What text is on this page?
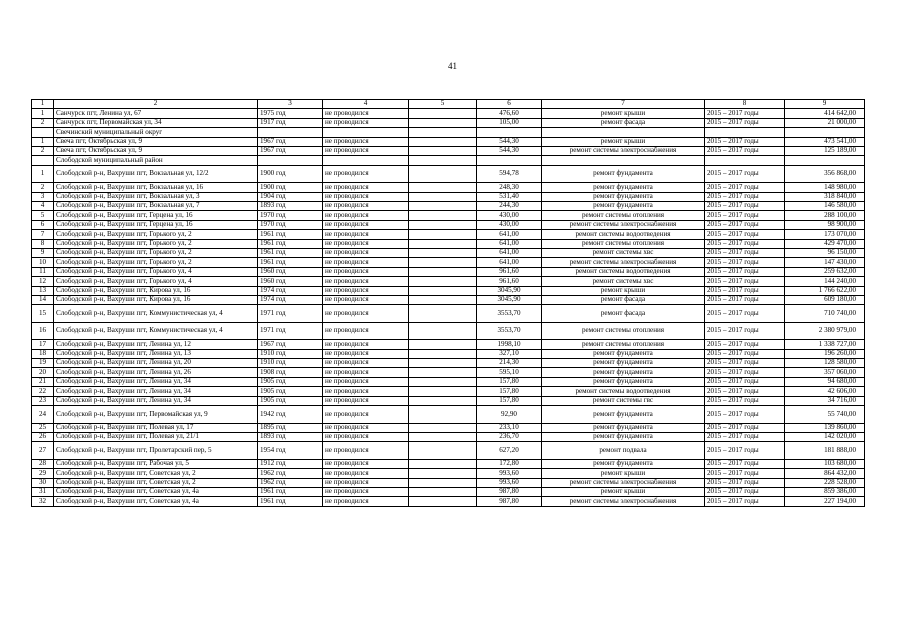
41
1	2	3	4	5	6	7	8	9
1	Санчурск пгт, Ленина ул, 67	1975 год	не проводился		476,60	ремонт крыши	2015 – 2017 годы	414 642,00
2	Санчурск пгт, Первомайская ул, 34	1917 год	не проводился		105,00	ремонт фасада	2015 – 2017 годы	21 000,00
	Свечинский муниципальный округ							
1	Свеча пгт, Октябрьская ул, 9	1967 год	не проводился		544,30	ремонт крыши	2015 – 2017 годы	473 541,00
2	Свеча пгт, Октябрьская ул, 9	1967 год	не проводился		544,30	ремонт системы электроснабжения	2015 – 2017 годы	125 189,00
	Слободской муниципальный район							
1	Слободской р-н, Вахруши пгт, Вокзальная ул, 12/2	1900 год	не проводился		594,78	ремонт фундамента	2015 – 2017 годы	356 868,00
2	Слободской р-н, Вахруши пгт, Вокзальная ул, 16	1900 год	не проводился		248,30	ремонт фундамента	2015 – 2017 годы	148 980,00
3	Слободской р-н, Вахруши пгт, Вокзальная ул, 3	1904 год	не проводился		531,40	ремонт фундамента	2015 – 2017 годы	318 840,00
4	Слободской р-н, Вахруши пгт, Вокзальная ул, 7	1893 год	не проводился		244,30	ремонт фундамента	2015 – 2017 годы	146 580,00
5	Слободской р-н, Вахруши пгт, Герцена ул, 16	1970 год	не проводился		430,00	ремонт системы отопления	2015 – 2017 годы	288 100,00
6	Слободской р-н, Вахруши пгт, Герцена ул, 16	1970 год	не проводился		430,00	ремонт системы электроснабжения	2015 – 2017 годы	98 900,00
7	Слободской р-н, Вахруши пгт, Горького ул, 2	1961 год	не проводился		641,00	ремонт системы водоотведения	2015 – 2017 годы	173 070,00
8	Слободской р-н, Вахруши пгт, Горького ул, 2	1961 год	не проводился		641,00	ремонт системы отопления	2015 – 2017 годы	429 470,00
9	Слободской р-н, Вахруши пгт, Горького ул, 2	1961 год	не проводился		641,00	ремонт системы хвс	2015 – 2017 годы	96 150,00
10	Слободской р-н, Вахруши пгт, Горького ул, 2	1961 год	не проводился		641,00	ремонт системы электроснабжения	2015 – 2017 годы	147 430,00
11	Слободской р-н, Вахруши пгт, Горького ул, 4	1960 год	не проводился		961,60	ремонт системы водоотведения	2015 – 2017 годы	259 632,00
12	Слободской р-н, Вахруши пгт, Горького ул, 4	1960 год	не проводился		961,60	ремонт системы хвс	2015 – 2017 годы	144 240,00
13	Слободской р-н, Вахруши пгт, Кирова ул, 16	1974 год	не проводился		3045,90	ремонт крыши	2015 – 2017 годы	1 766 622,00
14	Слободской р-н, Вахруши пгт, Кирова ул, 16	1974 год	не проводился		3045,90	ремонт фасада	2015 – 2017 годы	609 180,00
15	Слободской р-н, Вахруши пгт, Коммунистическая ул, 4	1971 год	не проводился		3553,70	ремонт фасада	2015 – 2017 годы	710 740,00
16	Слободской р-н, Вахруши пгт, Коммунистическая ул, 4	1971 год	не проводился		3553,70	ремонт системы отопления	2015 – 2017 годы	2 380 979,00
17	Слободской р-н, Вахруши пгт, Ленина ул, 12	1967 год	не проводился		1998,10	ремонт системы отопления	2015 – 2017 годы	1 338 727,00
18	Слободской р-н, Вахруши пгт, Ленина ул, 13	1910 год	не проводился		327,10	ремонт фундамента	2015 – 2017 годы	196 260,00
19	Слободской р-н, Вахруши пгт, Ленина ул, 20	1910 год	не проводился		214,30	ремонт фундамента	2015 – 2017 годы	128 580,00
20	Слободской р-н, Вахруши пгт, Ленина ул, 26	1908 год	не проводился		595,10	ремонт фундамента	2015 – 2017 годы	357 060,00
21	Слободской р-н, Вахруши пгт, Ленина ул, 34	1905 год	не проводился		157,80	ремонт фундамента	2015 – 2017 годы	94 680,00
22	Слободской р-н, Вахруши пгт, Ленина ул, 34	1905 год	не проводился		157,80	ремонт системы водоотведения	2015 – 2017 годы	42 606,00
23	Слободской р-н, Вахруши пгт, Ленина ул, 34	1905 год	не проводился		157,80	ремонт системы гвс	2015 – 2017 годы	34 716,00
24	Слободской р-н, Вахруши пгт, Первомайская ул, 9	1942 год	не проводился		92,90	ремонт фундамента	2015 – 2017 годы	55 740,00
25	Слободской р-н, Вахруши пгт, Полевая ул, 17	1895 год	не проводился		233,10	ремонт фундамента	2015 – 2017 годы	139 860,00
26	Слободской р-н, Вахруши пгт, Полевая ул, 21/1	1893 год	не проводился		236,70	ремонт фундамента	2015 – 2017 годы	142 020,00
27	Слободской р-н, Вахруши пгт, Пролетарский пер, 5	1954 год	не проводился		627,20	ремонт подвала	2015 – 2017 годы	181 888,00
28	Слободской р-н, Вахруши пгт, Рабочая ул, 5	1912 год	не проводился		172,80	ремонт фундамента	2015 – 2017 годы	103 680,00
29	Слободской р-н, Вахруши пгт, Советская ул, 2	1962 год	не проводился		993,60	ремонт крыши	2015 – 2017 годы	864 432,00
30	Слободской р-н, Вахруши пгт, Советская ул, 2	1962 год	не проводился		993,60	ремонт системы электроснабжения	2015 – 2017 годы	228 528,00
31	Слободской р-н, Вахруши пгт, Советская ул, 4а	1961 год	не проводился		987,80	ремонт крыши	2015 – 2017 годы	859 386,00
32	Слободской р-н, Вахруши пгт, Советская ул, 4а	1961 год	не проводился		987,80	ремонт системы электроснабжения	2015 – 2017 годы	227 194,00
